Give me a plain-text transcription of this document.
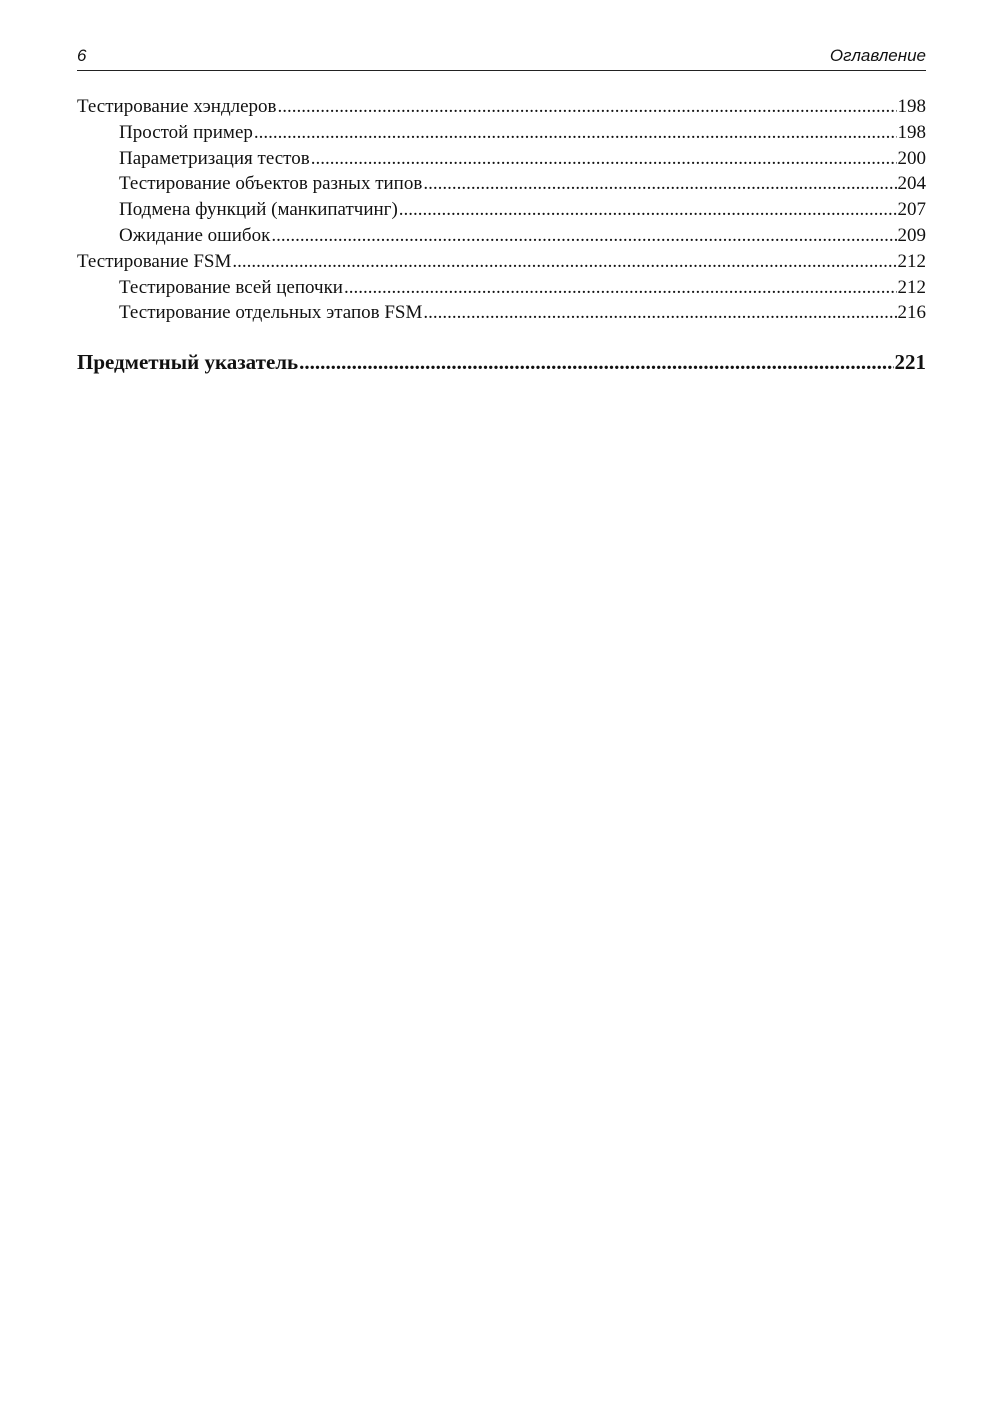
6	Оглавление
Тестирование хэндлеров .....	198
Простой пример .....	198
Параметризация тестов .....	200
Тестирование объектов разных типов .....	204
Подмена функций (манкипатчинг) .....	207
Ожидание ошибок .....	209
Тестирование FSM .....	212
Тестирование всей цепочки .....	212
Тестирование отдельных этапов FSM .....	216
Предметный указатель .....	221
